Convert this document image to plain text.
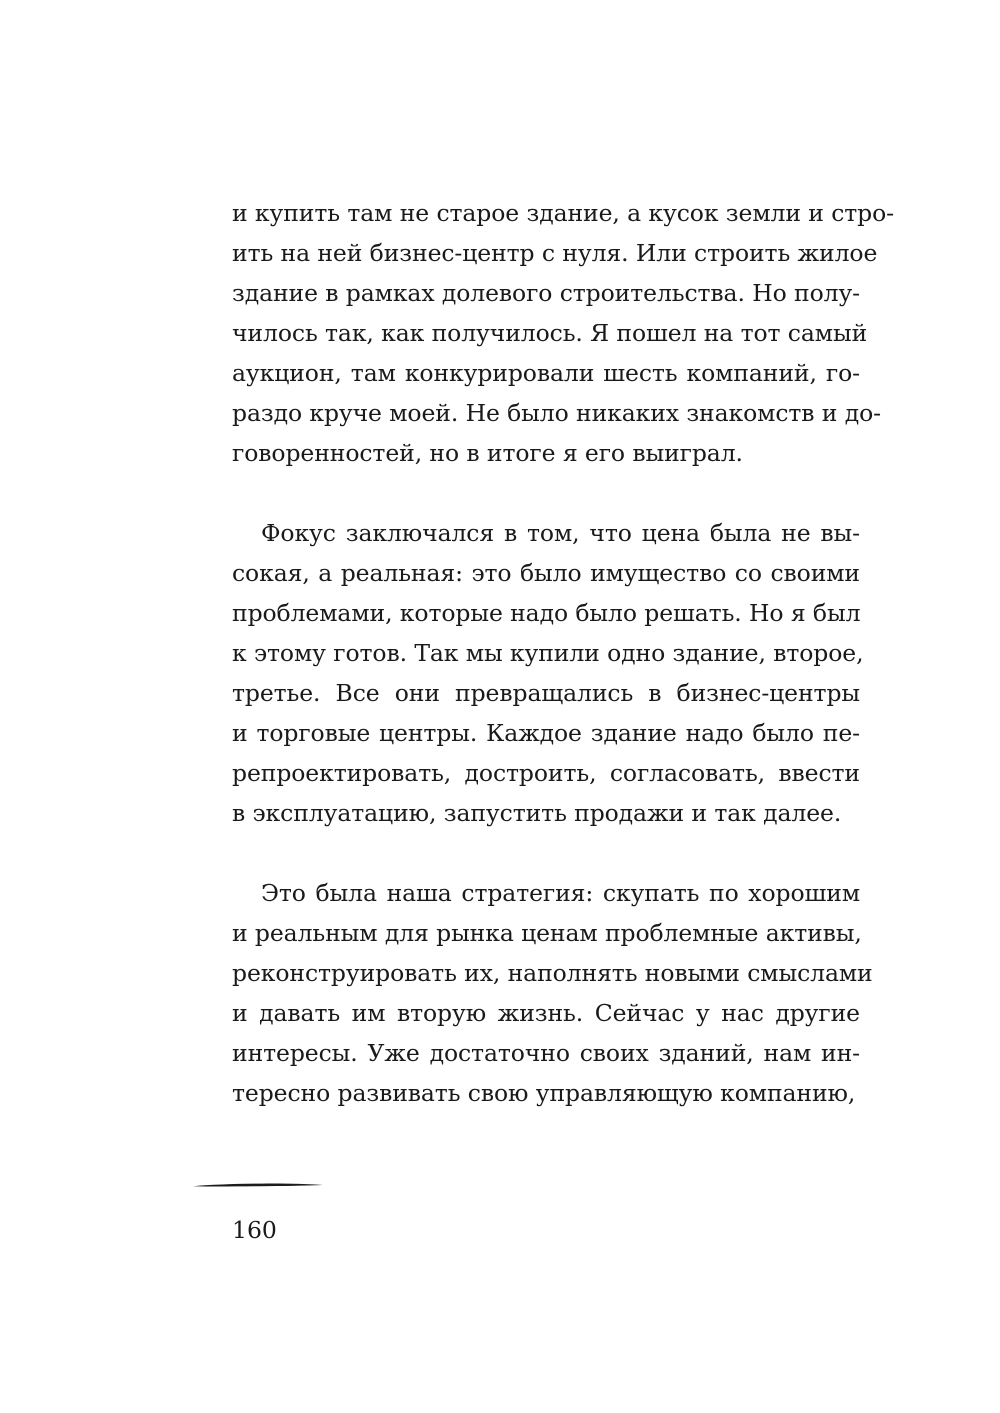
и купить там не старое здание, а кусок земли и стро-
ить на ней бизнес-центр с нуля. Или строить жилое
здание в рамках долевого строительства. Но полу-
чилось так, как получилось. Я пошел на тот самый
аукцион, там конкурировали шесть компаний, го-
раздо круче моей. Не было никаких знакомств и до-
говоренностей, но в итоге я его выиграл.
Фокус заключался в том, что цена была не вы-
сокая, а реальная: это было имущество со своими
проблемами, которые надо было решать. Но я был
к этому готов. Так мы купили одно здание, второе,
третье. Все они превращались в бизнес-центры
и торговые центры. Каждое здание надо было пе-
репроектировать, достроить, согласовать, ввести
в эксплуатацию, запустить продажи и так далее.
Это была наша стратегия: скупать по хорошим
и реальным для рынка ценам проблемные активы,
реконструировать их, наполнять новыми смыслами
и давать им вторую жизнь. Сейчас у нас другие
интересы. Уже достаточно своих зданий, нам ин-
тересно развивать свою управляющую компанию,
160
